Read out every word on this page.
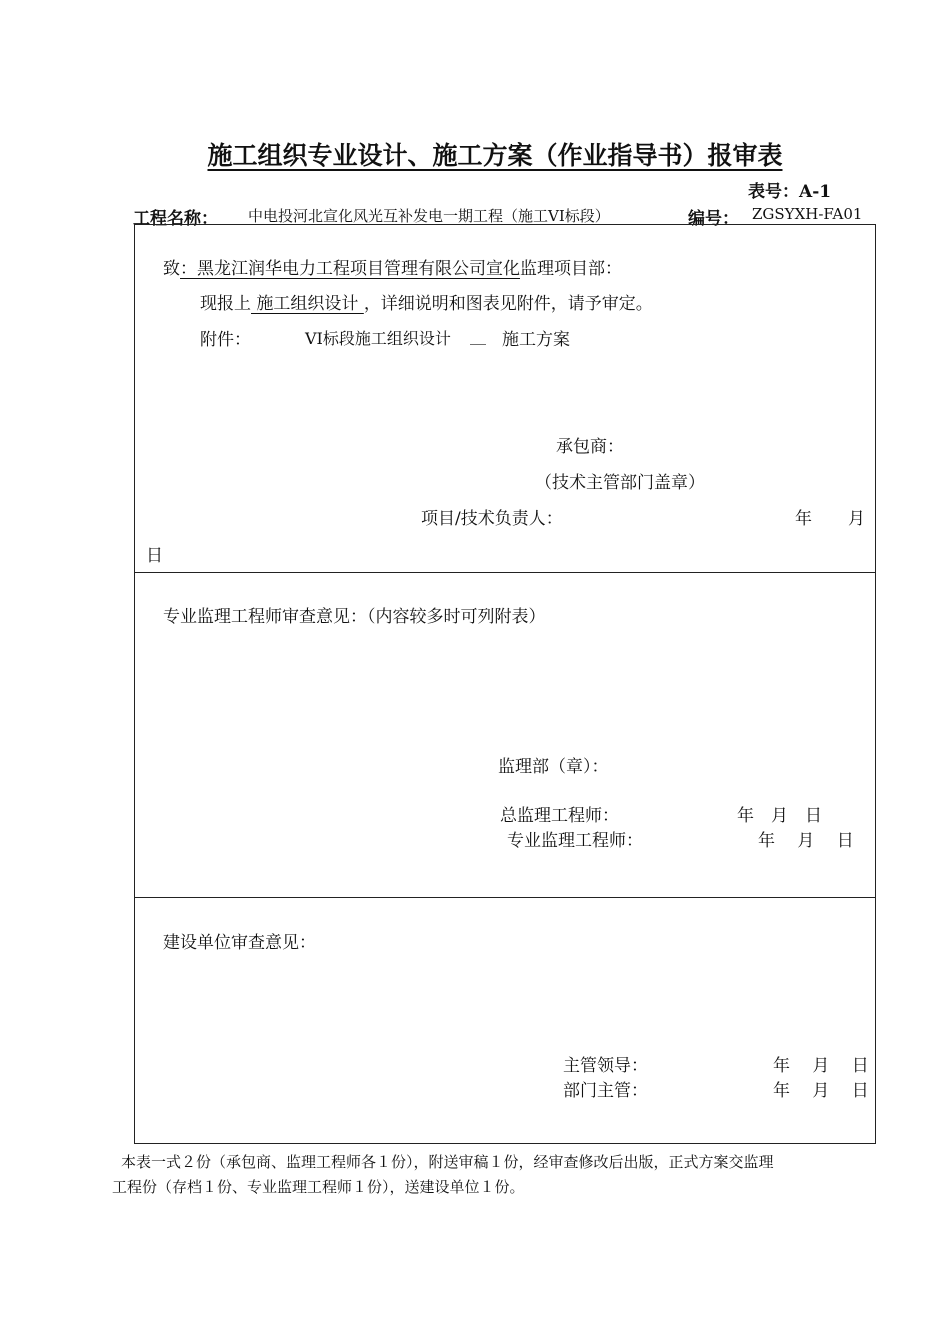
施工组织专业设计、施工方案（作业指导书）报审表
表号：A-1
工程名称： 中电投河北宣化风光互补发电一期工程（施工VI标段）	编号： ZGSYXH-FA01
致：黑龙江润华电力工程项目管理有限公司宣化监理项目部：
现报上 施工组织设计 ，详细说明和图表见附件，请予审定。
附件：	VI标段施工组织设计 __ 施工方案
承包商：
（技术主管部门盖章）
项目/技术负责人：	年 月
日
专业监理工程师审查意见：（内容较多时可列附表）
监理部（章）：
总监理工程师：	年　月　日
专业监理工程师：	年　 月　 日
建设单位审查意见：
主管领导：	年　 月　 日
部门主管：	年　 月　 日
本表一式２份（承包商、监理工程师各１份），附送审稿１份，经审查修改后出版，正式方案交监理
工程份（存档１份、专业监理工程师１份），送建设单位１份。
